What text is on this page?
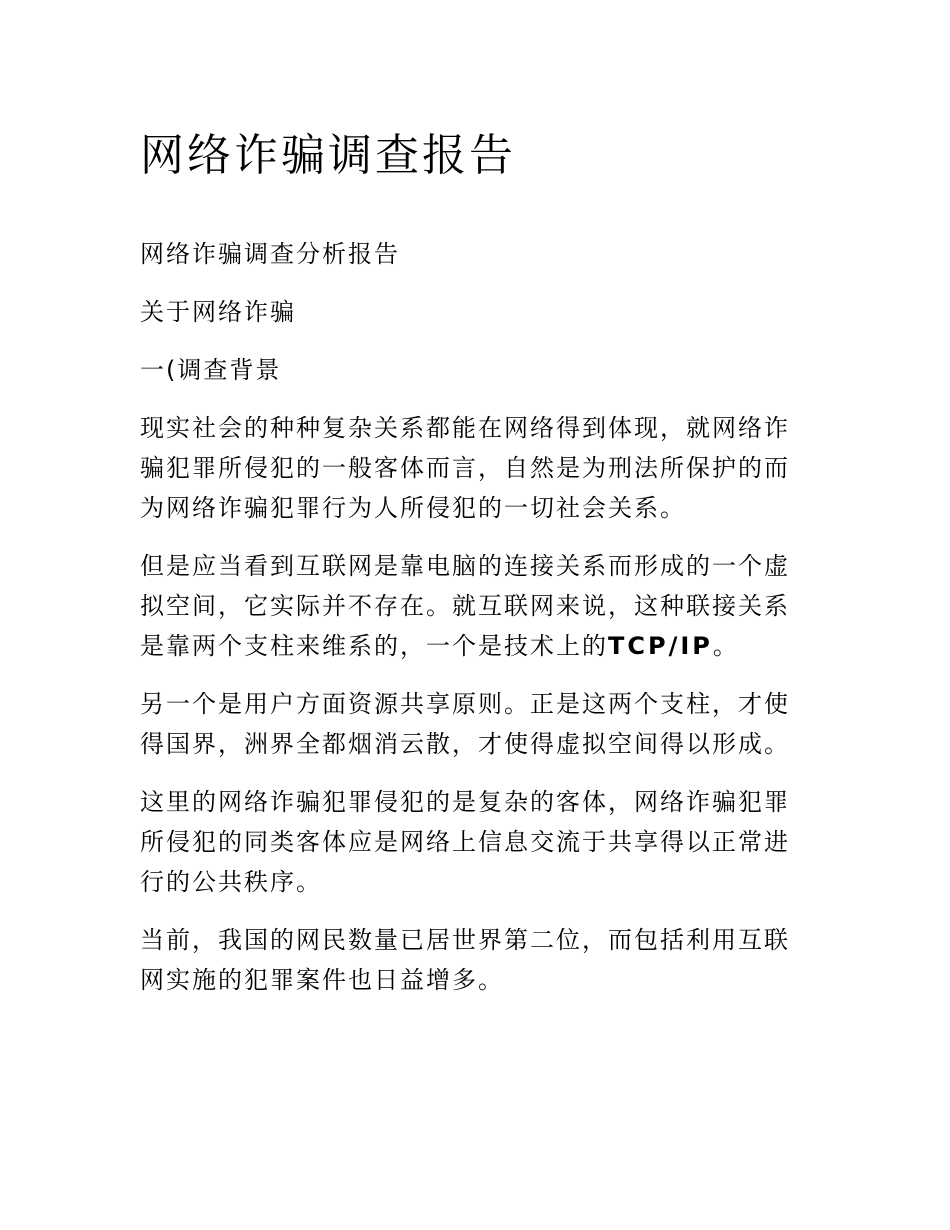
网络诈骗调查报告
网络诈骗调查分析报告
关于网络诈骗
一(调查背景

现实社会的种种复杂关系都能在网络得到体现，就网络诈骗犯罪所侵犯的一般客体而言，自然是为刑法所保护的而为网络诈骗犯罪行为人所侵犯的一切社会关系。

但是应当看到互联网是靠电脑的连接关系而形成的一个虚拟空间，它实际并不存在。就互联网来说，这种联接关系是靠两个支柱来维系的，一个是技术上的TCP/IP。

另一个是用户方面资源共享原则。正是这两个支柱，才使得国界，洲界全都烟消云散，才使得虚拟空间得以形成。

这里的网络诈骗犯罪侵犯的是复杂的客体，网络诈骗犯罪所侵犯的同类客体应是网络上信息交流于共享得以正常进行的公共秩序。

当前，我国的网民数量已居世界第二位，而包括利用互联网实施的犯罪案件也日益增多。
